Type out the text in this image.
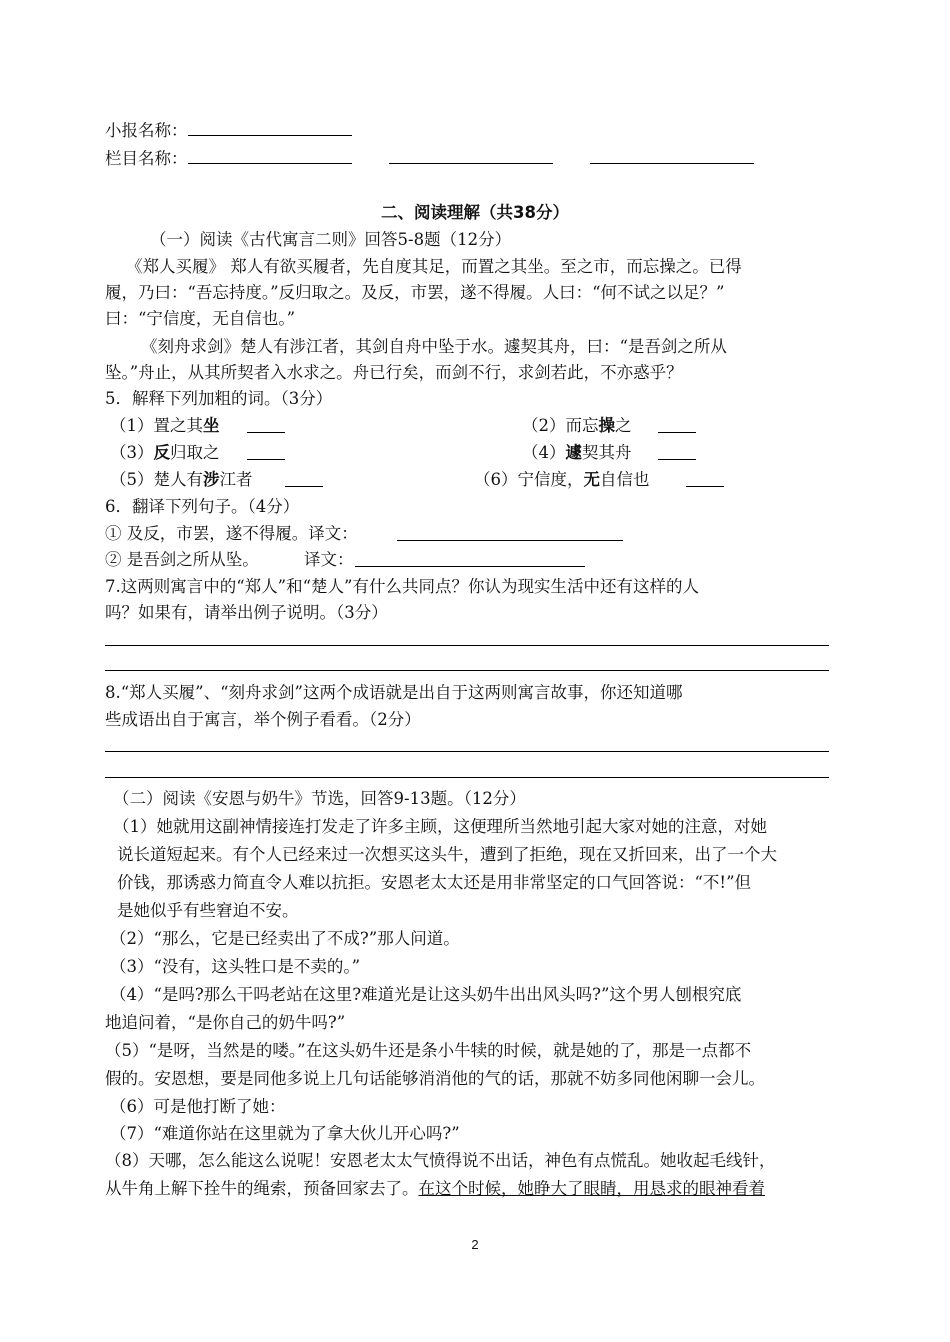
小报名称：
栏目名称：
二、阅读理解（共38分）
（一）阅读《古代寓言二则》回答5-8题（12分）
《郑人买履》 郑人有欲买履者，先自度其足，而置之其坐。至之市，而忘操之。已得
履，乃曰：“吾忘持度。”反归取之。及反，市罢，遂不得履。人曰：“何不试之以足？”
曰：“宁信度，无自信也。”
《刻舟求剑》楚人有涉江者，其剑自舟中坠于水。遽契其舟，曰：“是吾剑之所从
坠。”舟止，从其所契者入水求之。舟已行矣，而剑不行，求剑若此，不亦惑乎？
5．解释下列加粗的词。（3分）
（1）置之其坐	（2）而忘操之
（3）反归取之	（4）遽契其舟
（5）楚人有涉江者	（6）宁信度，无自信也
6．翻译下列句子。（4分）
① 及反，市罢，遂不得履。译文：
② 是吾剑之所从坠。	译文：
7.这两则寓言中的“郑人”和“楚人”有什么共同点？你认为现实生活中还有这样的人
吗？如果有，请举出例子说明。（3分）
8.“郑人买履”、“刻舟求剑”这两个成语就是出自于这两则寓言故事，你还知道哪
些成语出自于寓言，举个例子看看。（2分）
（二）阅读《安恩与奶牛》节选，回答9-13题。（12分）
（1）她就用这副神情接连打发走了许多主顾，这便理所当然地引起大家对她的注意，对她
说长道短起来。有个人已经来过一次想买这头牛，遭到了拒绝，现在又折回来，出了一个大
价钱，那诱惑力简直令人难以抗拒。安恩老太太还是用非常坚定的口气回答说：“不!”但
是她似乎有些窘迫不安。
（2）“那么，它是已经卖出了不成?”那人问道。
（3）“没有，这头牲口是不卖的。”
（4）“是吗?那么干吗老站在这里?难道光是让这头奶牛出出风头吗?”这个男人刨根究底
地追问着，“是你自己的奶牛吗?”
（5）“是呀，当然是的喽。”在这头奶牛还是条小牛犊的时候，就是她的了，那是一点都不
假的。安恩想，要是同他多说上几句话能够消消他的气的话，那就不妨多同他闲聊一会儿。
（6）可是他打断了她：
（7）“难道你站在这里就为了拿大伙儿开心吗?”
（8）天哪，怎么能这么说呢！安恩老太太气愤得说不出话，神色有点慌乱。她收起毛线针，
从牛角上解下拴牛的绳索，预备回家去了。在这个时候，她睁大了眼睛，用恳求的眼神看着
2
